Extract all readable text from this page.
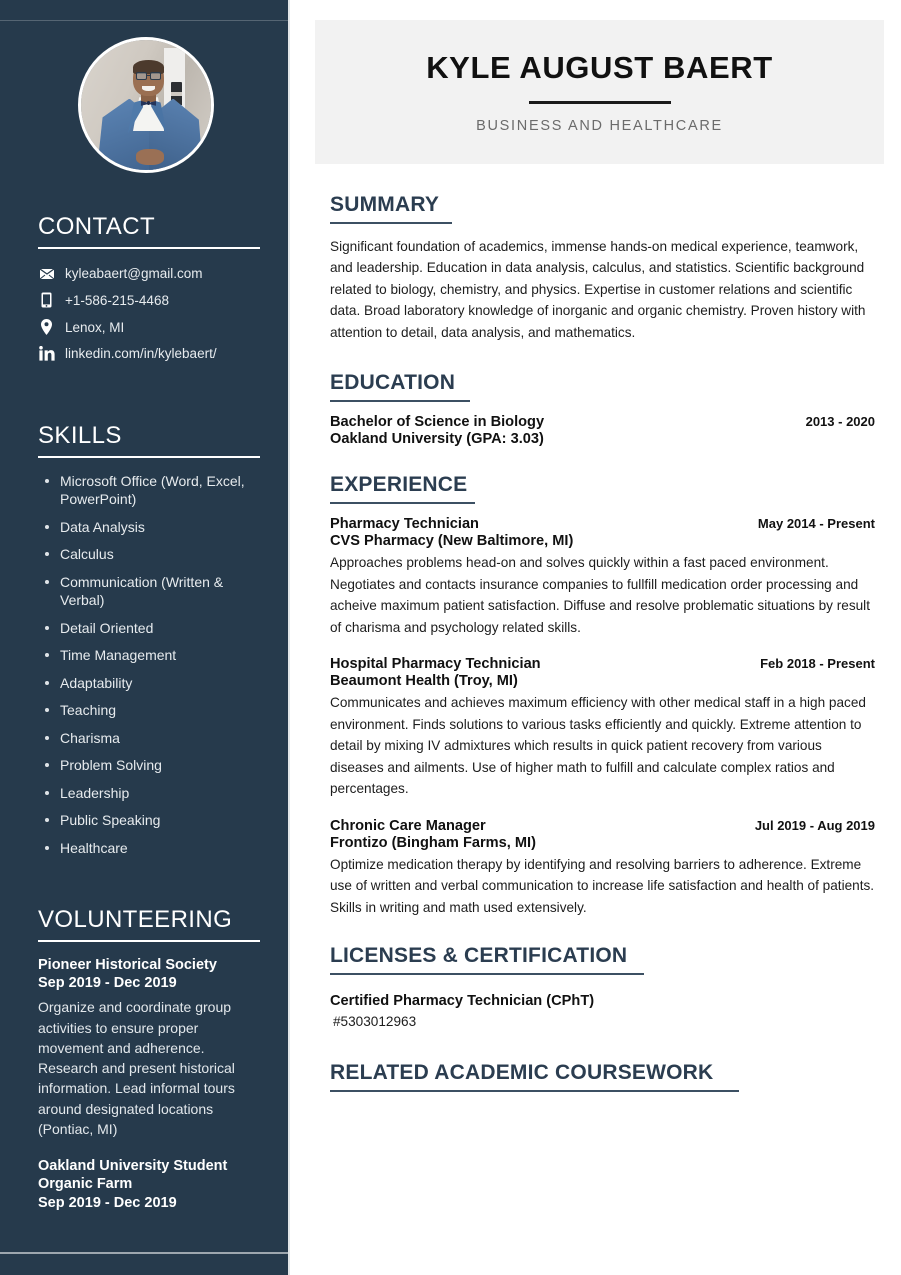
CONTACT
kyleabaert@gmail.com
+1-586-215-4468
Lenox, MI
linkedin.com/in/kylebaert/
SKILLS
Microsoft Office (Word, Excel, PowerPoint)
Data Analysis
Calculus
Communication (Written & Verbal)
Detail Oriented
Time Management
Adaptability
Teaching
Charisma
Problem Solving
Leadership
Public Speaking
Healthcare
VOLUNTEERING
Pioneer Historical Society
Sep 2019 - Dec 2019
Organize and coordinate group activities to ensure proper movement and adherence. Research and present historical information. Lead informal tours around designated locations (Pontiac, MI)
Oakland University Student Organic Farm
Sep 2019 - Dec 2019
KYLE AUGUST BAERT
BUSINESS AND HEALTHCARE
SUMMARY

Significant foundation of academics, immense hands-on medical experience, teamwork, and leadership. Education in data analysis, calculus, and statistics. Scientific background related to biology, chemistry, and physics. Expertise in customer relations and scientific data. Broad laboratory knowledge of inorganic and organic chemistry. Proven history with attention to detail, data analysis, and mathematics.

EDUCATION
Bachelor of Science in Biology	2013 - 2020
Oakland University (GPA: 3.03)
EXPERIENCE
Pharmacy Technician	May 2014 - Present
CVS Pharmacy (New Baltimore, MI)

Approaches problems head-on and solves quickly within a fast paced environment. Negotiates and contacts insurance companies to fullfill medication order processing and acheive maximum patient satisfaction. Diffuse and resolve problematic situations by result of charisma and psychology related skills.

Hospital Pharmacy Technician	Feb 2018 - Present
Beaumont Health (Troy, MI)

Communicates and achieves maximum efficiency with other medical staff in a high paced environment. Finds solutions to various tasks efficiently and quickly. Extreme attention to detail by mixing IV admixtures which results in quick patient recovery from various diseases and ailments. Use of higher math to fulfill and calculate complex ratios and percentages.

Chronic Care Manager	Jul 2019 - Aug 2019
Frontizo (Bingham Farms, MI)

Optimize medication therapy by identifying and resolving barriers to adherence. Extreme use of written and verbal communication to increase life satisfaction and health of patients. Skills in writing and math used extensively.

LICENSES & CERTIFICATION
Certified Pharmacy Technician (CPhT)
#5303012963
RELATED ACADEMIC COURSEWORK
